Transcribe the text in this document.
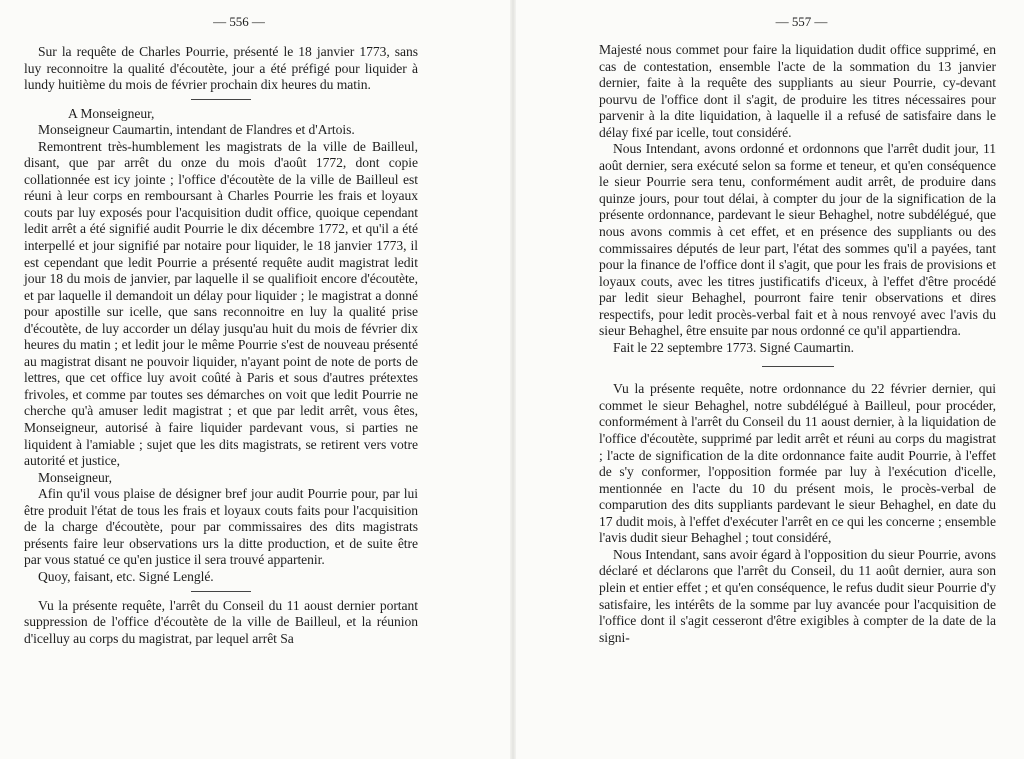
— 556 —

Sur la requête de Charles Pourrie, présenté le 18 janvier 1773, sans luy reconnoitre la qualité d'écoutète, jour a été préfigé pour liquider à lundy huitième du mois de février prochain dix heures du matin.

A Monseigneur,

Monseigneur Caumartin, intendant de Flandres et d'Artois.

Remontrent très-humblement les magistrats de la ville de Bailleul, disant, que par arrêt du onze du mois d'août 1772, dont copie collationnée est icy jointe ; l'office d'écoutète de la ville de Bailleul est réuni à leur corps en remboursant à Charles Pourrie les frais et loyaux couts par luy exposés pour l'acquisition dudit office, quoique cependant ledit arrêt a été signifié audit Pourrie le dix décembre 1772, et qu'il a été interpellé et jour signifié par notaire pour liquider, le 18 janvier 1773, il est cependant que ledit Pourrie a présenté requête audit magistrat ledit jour 18 du mois de janvier, par laquelle il se qualifioit encore d'écoutète, et par laquelle il demandoit un délay pour liquider ; le magistrat a donné pour apostille sur icelle, que sans reconnoitre en luy la qualité prise d'écoutète, de luy accorder un délay jusqu'au huit du mois de février dix heures du matin ; et ledit jour le même Pourrie s'est de nouveau présenté au magistrat disant ne pouvoir liquider, n'ayant point de note de ports de lettres, que cet office luy avoit coûté à Paris et sous d'autres prétextes frivoles, et comme par toutes ses démarches on voit que ledit Pourrie ne cherche qu'à amuser ledit magistrat ; et que par ledit arrêt, vous êtes, Monseigneur, autorisé à faire liquider pardevant vous, si parties ne liquident à l'amiable ; sujet que les dits magistrats, se retirent vers votre autorité et justice,

Monseigneur,

Afin qu'il vous plaise de désigner bref jour audit Pourrie pour, par lui être produit l'état de tous les frais et loyaux couts faits pour l'acquisition de la charge d'écoutète, pour par commissaires des dits magistrats présents faire leur observations urs la ditte production, et de suite être par vous statué ce qu'en justice il sera trouvé appartenir.

Quoy, faisant, etc. Signé Lenglé.

Vu la présente requête, l'arrêt du Conseil du 11 aoust dernier portant suppression de l'office d'écoutète de la ville de Bailleul, et la réunion d'icelluy au corps du magistrat, par lequel arrêt Sa

— 557 —

Majesté nous commet pour faire la liquidation dudit office supprimé, en cas de contestation, ensemble l'acte de la sommation du 13 janvier dernier, faite à la requête des suppliants au sieur Pourrie, cy-devant pourvu de l'office dont il s'agit, de produire les titres nécessaires pour parvenir à la dite liquidation, à laquelle il a refusé de satisfaire dans le délay fixé par icelle, tout considéré.

Nous Intendant, avons ordonné et ordonnons que l'arrêt dudit jour, 11 août dernier, sera exécuté selon sa forme et teneur, et qu'en conséquence le sieur Pourrie sera tenu, conformément audit arrêt, de produire dans quinze jours, pour tout délai, à compter du jour de la signification de la présente ordonnance, pardevant le sieur Behaghel, notre subdélégué, que nous avons commis à cet effet, et en présence des suppliants ou des commissaires députés de leur part, l'état des sommes qu'il a payées, tant pour la finance de l'office dont il s'agit, que pour les frais de provisions et loyaux couts, avec les titres justificatifs d'iceux, à l'effet d'être procédé par ledit sieur Behaghel, pourront faire tenir observations et dires respectifs, pour ledit procès-verbal fait et à nous renvoyé avec l'avis du sieur Behaghel, être ensuite par nous ordonné ce qu'il appartiendra.

Fait le 22 septembre 1773. Signé Caumartin.

Vu la présente requête, notre ordonnance du 22 février dernier, qui commet le sieur Behaghel, notre subdélégué à Bailleul, pour procéder, conformément à l'arrêt du Conseil du 11 aoust dernier, à la liquidation de l'office d'écoutète, supprimé par ledit arrêt et réuni au corps du magistrat ; l'acte de signification de la dite ordonnance faite audit Pourrie, à l'effet de s'y conformer, l'opposition formée par luy à l'exécution d'icelle, mentionnée en l'acte du 10 du présent mois, le procès-verbal de comparution des dits suppliants pardevant le sieur Behaghel, en date du 17 dudit mois, à l'effet d'exécuter l'arrêt en ce qui les concerne ; ensemble l'avis dudit sieur Behaghel ; tout considéré,

Nous Intendant, sans avoir égard à l'opposition du sieur Pourrie, avons déclaré et déclarons que l'arrêt du Conseil, du 11 août dernier, aura son plein et entier effet ; et qu'en conséquence, le refus dudit sieur Pourrie d'y satisfaire, les intérêts de la somme par luy avancée pour l'acquisition de l'office dont il s'agit cesseront d'être exigibles à compter de la date de la signi-
